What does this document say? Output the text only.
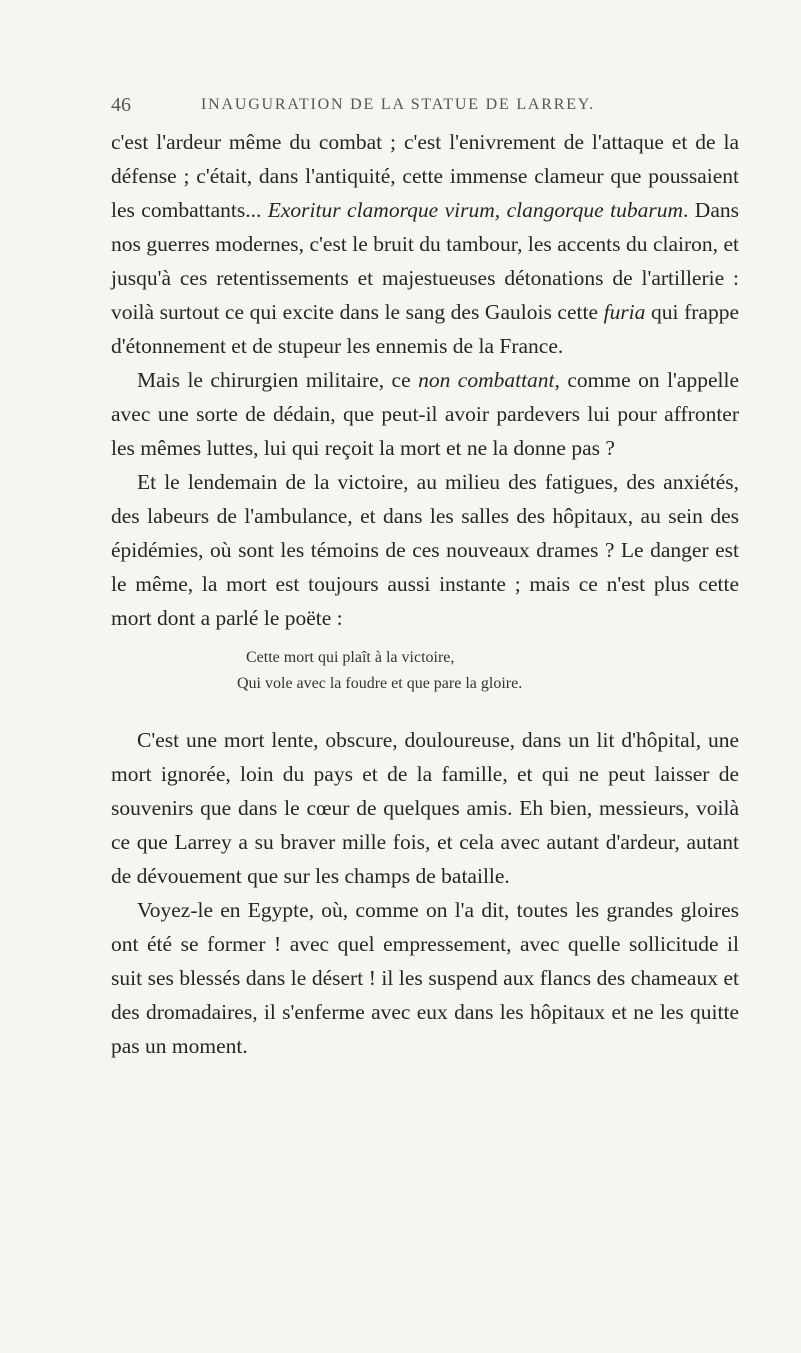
46	INAUGURATION DE LA STATUE DE LARREY.

c'est l'ardeur même du combat ; c'est l'enivrement de l'attaque et de la défense ; c'était, dans l'antiquité, cette immense clameur que poussaient les combattants... Exoritur clamorque virum, clangorque tubarum. Dans nos guerres modernes, c'est le bruit du tambour, les accents du clairon, et jusqu'à ces retentissements et majestueuses détonations de l'artillerie : voilà surtout ce qui excite dans le sang des Gaulois cette furia qui frappe d'étonnement et de stupeur les ennemis de la France.

Mais le chirurgien militaire, ce non combattant, comme on l'appelle avec une sorte de dédain, que peut-il avoir pardevers lui pour affronter les mêmes luttes, lui qui reçoit la mort et ne la donne pas ?

Et le lendemain de la victoire, au milieu des fatigues, des anxiétés, des labeurs de l'ambulance, et dans les salles des hôpitaux, au sein des épidémies, où sont les témoins de ces nouveaux drames ? Le danger est le même, la mort est toujours aussi instante ; mais ce n'est plus cette mort dont a parlé le poëte :

Cette mort qui plaît à la victoire,
Qui vole avec la foudre et que pare la gloire.

C'est une mort lente, obscure, douloureuse, dans un lit d'hôpital, une mort ignorée, loin du pays et de la famille, et qui ne peut laisser de souvenirs que dans le cœur de quelques amis. Eh bien, messieurs, voilà ce que Larrey a su braver mille fois, et cela avec autant d'ardeur, autant de dévouement que sur les champs de bataille.

Voyez-le en Egypte, où, comme on l'a dit, toutes les grandes gloires ont été se former ! avec quel empressement, avec quelle sollicitude il suit ses blessés dans le désert ! il les suspend aux flancs des chameaux et des dromadaires, il s'enferme avec eux dans les hôpitaux et ne les quitte pas un moment.
